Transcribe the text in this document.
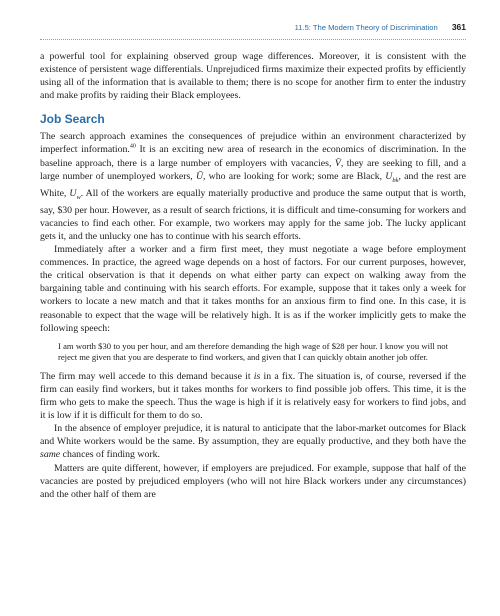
11.5: The Modern Theory of Discrimination 361

a powerful tool for explaining observed group wage differences. Moreover, it is consistent with the existence of persistent wage differentials. Unprejudiced firms maximize their expected profits by efficiently using all of the information that is available to them; there is no scope for another firm to enter the industry and make profits by raiding their Black employees.

Job Search

The search approach examines the consequences of prejudice within an environment characterized by imperfect information.$^{40}$ It is an exciting new area of research in the economics of discrimination. In the baseline approach, there is a large number of employers with vacancies, V̄, they are seeking to fill, and a large number of unemployed workers, Ū, who are looking for work; some are Black, $U_{bk}$, and the rest are White, $U_w$. All of the workers are equally materially productive and produce the same output that is worth, say, $30 per hour. However, as a result of search frictions, it is difficult and time-consuming for workers and vacancies to find each other. For example, two workers may apply for the same job. The lucky applicant gets it, and the unlucky one has to continue with his search efforts.

Immediately after a worker and a firm first meet, they must negotiate a wage before employment commences. In practice, the agreed wage depends on a host of factors. For our current purposes, however, the critical observation is that it depends on what either party can expect on walking away from the bargaining table and continuing with his search efforts. For example, suppose that it takes only a week for workers to locate a new match and that it takes months for an anxious firm to find one. In this case, it is reasonable to expect that the wage will be relatively high. It is as if the worker implicitly gets to make the following speech:

I am worth $30 to you per hour, and am therefore demanding the high wage of $28 per hour. I know you will not reject me given that you are desperate to find workers, and given that I can quickly obtain another job offer.

The firm may well accede to this demand because it is in a fix. The situation is, of course, reversed if the firm can easily find workers, but it takes months for workers to find possible job offers. This time, it is the firm who gets to make the speech. Thus the wage is high if it is relatively easy for workers to find jobs, and it is low if it is difficult for them to do so.

In the absence of employer prejudice, it is natural to anticipate that the labor-market outcomes for Black and White workers would be the same. By assumption, they are equally productive, and they both have the same chances of finding work.

Matters are quite different, however, if employers are prejudiced. For example, suppose that half of the vacancies are posted by prejudiced employers (who will not hire Black workers under any circumstances) and the other half of them are
